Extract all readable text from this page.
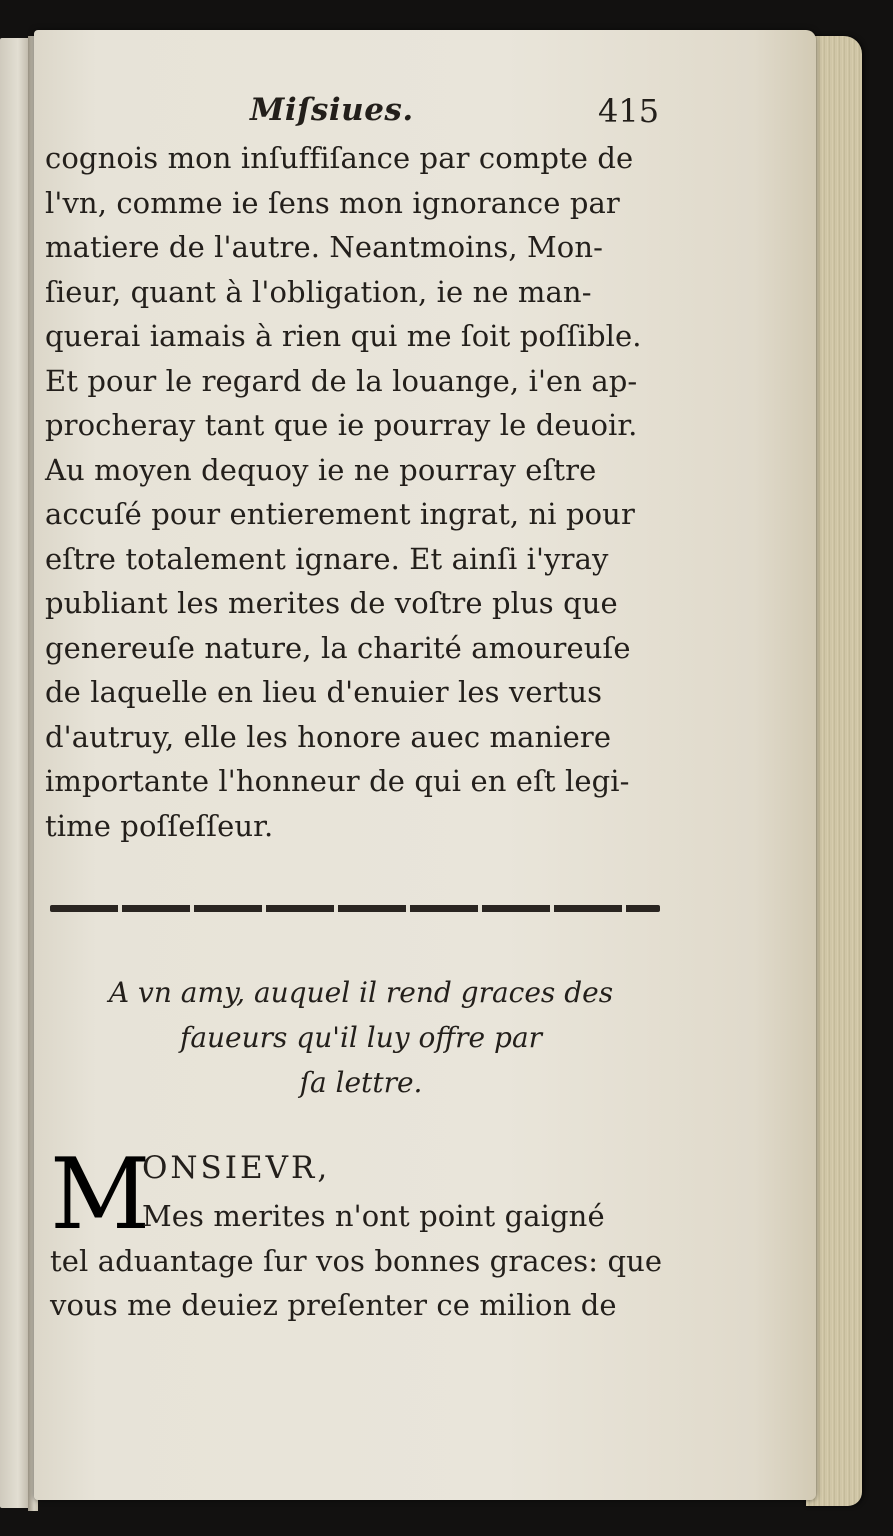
Miſsiues.	415
cognois mon inſuffiſance par compte de
l'vn, comme ie ſens mon ignorance par
matiere de l'autre. Neantmoins, Mon-
ſieur, quant à l'obligation, ie ne man-
querai iamais à rien qui me ſoit poſſible.
Et pour le regard de la louange, i'en ap-
procheray tant que ie pourray le deuoir.
Au moyen dequoy ie ne pourray eſtre
accuſé pour entierement ingrat, ni pour
eſtre totalement ignare. Et ainſi i'yray
publiant les merites de voſtre plus que
genereuſe nature, la charité amoureuſe
de laquelle en lieu d'enuier les vertus
d'autruy, elle les honore auec maniere
importante l'honneur de qui en eſt legi-
time poſſeſſeur.
A vn amy, auquel il rend graces des
faueurs qu'il luy offre par
ſa lettre.
M
ONSIEVR,
Mes merites n'ont point gaigné
tel aduantage ſur vos bonnes graces: que
vous me deuiez preſenter ce milion de
